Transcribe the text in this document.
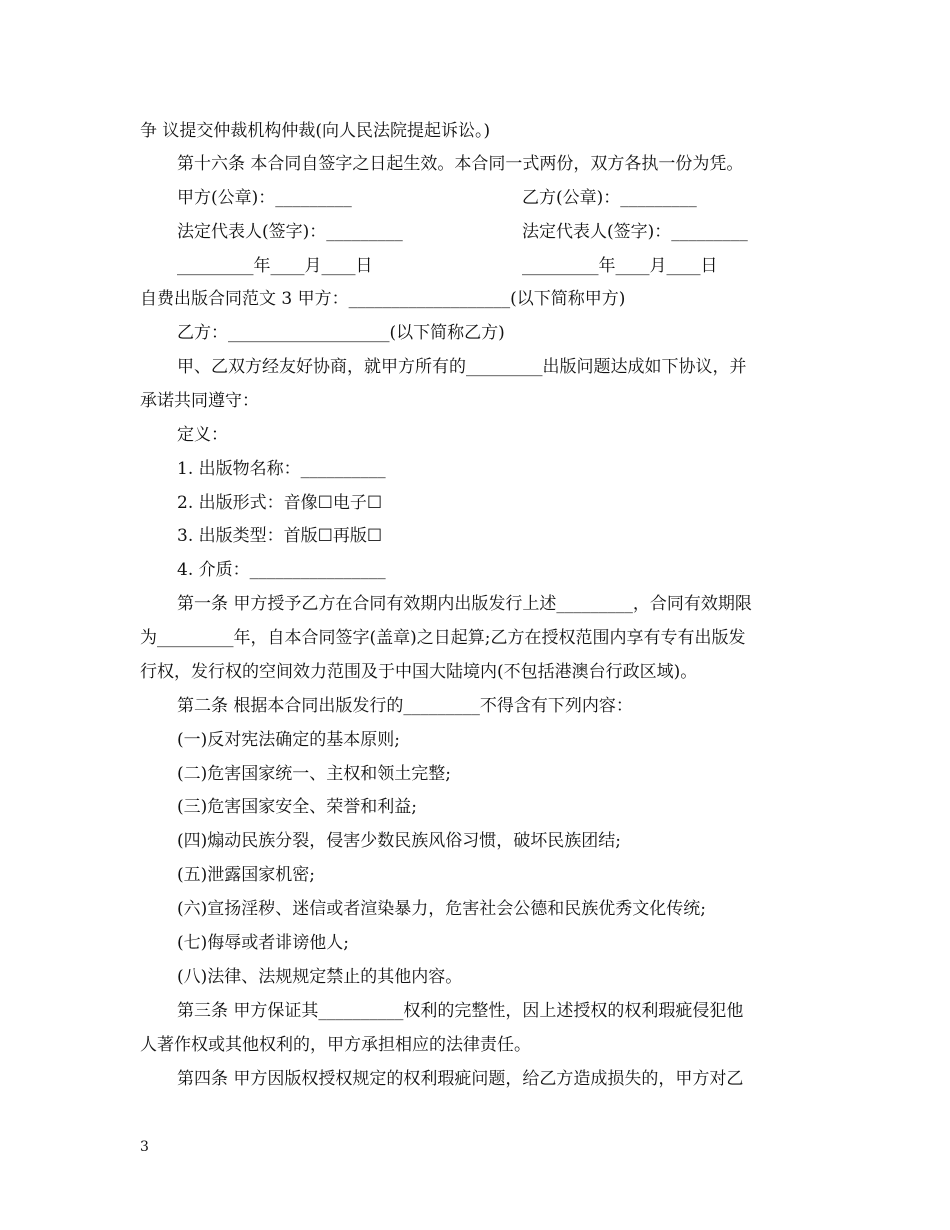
争 议提交仲裁机构仲裁(向人民法院提起诉讼。)
第十六条 本合同自签字之日起生效。本合同一式两份，双方各执一份为凭。
甲方(公章)：_________	乙方(公章)：_________
法定代表人(签字)：_________	法定代表人(签字)：_________
_________年____月____日	_________年____月____日
自费出版合同范文 3 甲方：___________________(以下简称甲方)
乙方：___________________(以下简称乙方)
甲、乙双方经友好协商，就甲方所有的_________出版问题达成如下协议，并
承诺共同遵守：
定义：
1. 出版物名称：__________
2. 出版形式：音像☐电子☐
3. 出版类型：首版☐再版☐
4. 介质：________________
第一条 甲方授予乙方在合同有效期内出版发行上述_________，合同有效期限
为_________年，自本合同签字(盖章)之日起算;乙方在授权范围内享有专有出版发
行权，发行权的空间效力范围及于中国大陆境内(不包括港澳台行政区域)。
第二条 根据本合同出版发行的_________不得含有下列内容：
(一)反对宪法确定的基本原则;
(二)危害国家统一、主权和领土完整;
(三)危害国家安全、荣誉和利益;
(四)煽动民族分裂，侵害少数民族风俗习惯，破坏民族团结;
(五)泄露国家机密;
(六)宣扬淫秽、迷信或者渲染暴力，危害社会公德和民族优秀文化传统;
(七)侮辱或者诽谤他人;
(八)法律、法规规定禁止的其他内容。
第三条 甲方保证其__________权利的完整性，因上述授权的权利瑕疵侵犯他
人著作权或其他权利的，甲方承担相应的法律责任。
第四条 甲方因版权授权规定的权利瑕疵问题，给乙方造成损失的，甲方对乙
3
